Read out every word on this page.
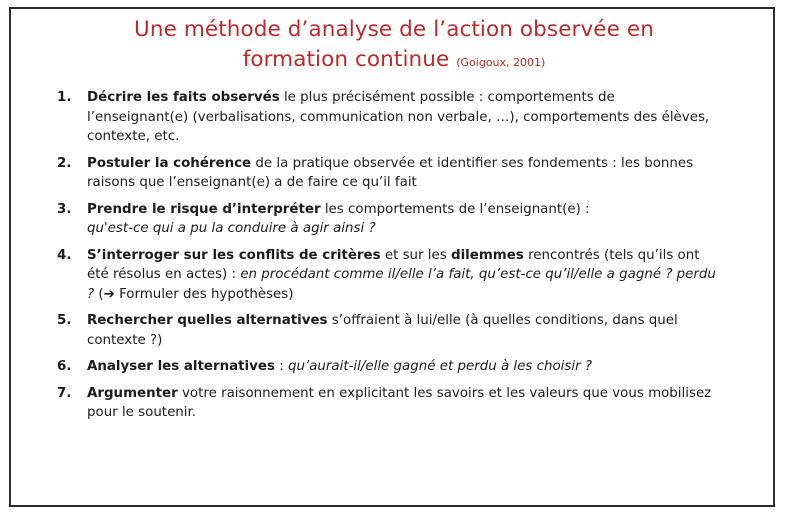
Une méthode d’analyse de l’action observée en
formation continue (Goigoux, 2001)
1.	Décrire les faits observés le plus précisément possible : comportements de l’enseignant(e) (verbalisations, communication non verbale, …), comportements des élèves, contexte, etc.
2.	Postuler la cohérence de la pratique observée et identifier ses fondements : les bonnes raisons que l’enseignant(e) a de faire ce qu’il fait
3.	Prendre le risque d’interpréter les comportements de l’enseignant(e) :
qu'est-ce qui a pu la conduire à agir ainsi ?
4.	S’interroger sur les conflits de critères et sur les dilemmes rencontrés (tels qu’ils ont été résolus en actes) : en procédant comme il/elle l’a fait, qu’est-ce qu’il/elle a gagné ? perdu ? (➔ Formuler des hypothèses)
5.	Rechercher quelles alternatives s’offraient à lui/elle (à quelles conditions, dans quel contexte ?)
6.	Analyser les alternatives : qu’aurait-il/elle gagné et perdu à les choisir ?
7.	Argumenter votre raisonnement en explicitant les savoirs et les valeurs que vous mobilisez pour le soutenir.
